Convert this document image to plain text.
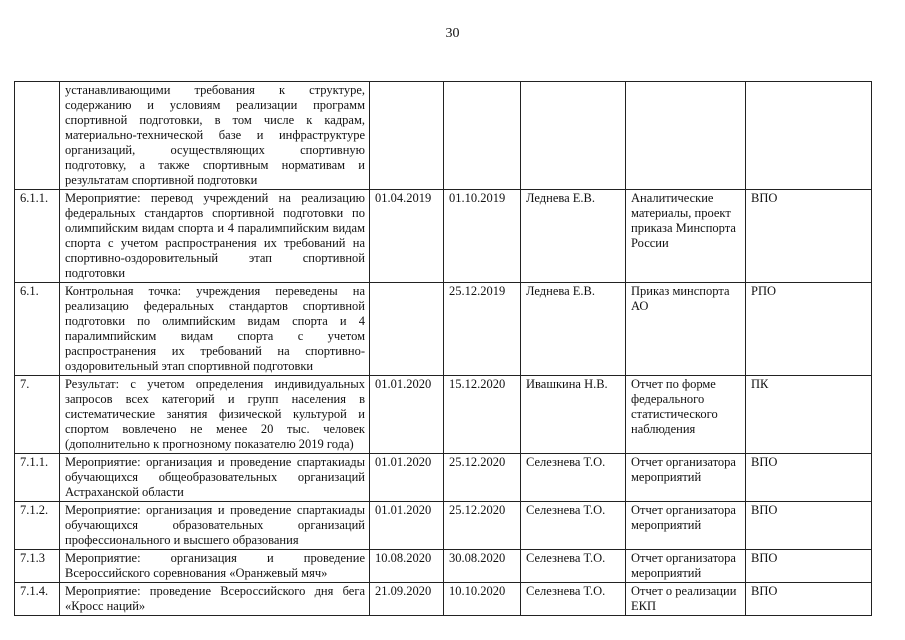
30
	устанавливающими требования к структуре, содержанию и условиям реализации программ спортивной подготовки, в том числе к кадрам, материально-технической базе и инфраструктуре организаций, осуществляющих спортивную подготовку, а также спортивным нормативам и результатам спортивной подготовки					
6.1.1.	Мероприятие: перевод учреждений на реализацию федеральных стандартов спортивной подготовки по олимпийским видам спорта и 4 паралимпийским видам спорта с учетом распространения их требований на спортивно-оздоровительный этап спортивной подготовки	01.04.2019	01.10.2019	Леднева Е.В.	Аналитические материалы, проект приказа Минспорта России	ВПО
6.1.	Контрольная точка: учреждения переведены на реализацию федеральных стандартов спортивной подготовки по олимпийским видам спорта и 4 паралимпийским видам спорта с учетом распространения их требований на спортивно-оздоровительный этап спортивной подготовки		25.12.2019	Леднева Е.В.	Приказ минспорта АО	РПО
7.	Результат: с учетом определения индивидуальных запросов всех категорий и групп населения в систематические занятия физической культурой и спортом вовлечено не менее 20 тыс. человек (дополнительно к прогнозному показателю 2019 года)	01.01.2020	15.12.2020	Ивашкина Н.В.	Отчет по форме федерального статистического наблюдения	ПК
7.1.1.	Мероприятие: организация и проведение спартакиады обучающихся общеобразовательных организаций Астраханской области	01.01.2020	25.12.2020	Селезнева Т.О.	Отчет организатора мероприятий	ВПО
7.1.2.	Мероприятие: организация и проведение спартакиады обучающихся образовательных организаций профессионального и высшего образования	01.01.2020	25.12.2020	Селезнева Т.О.	Отчет организатора мероприятий	ВПО
7.1.3	Мероприятие: организация и проведение Всероссийского соревнования «Оранжевый мяч»	10.08.2020	30.08.2020	Селезнева Т.О.	Отчет организатора мероприятий	ВПО
7.1.4.	Мероприятие: проведение Всероссийского дня бега «Кросс наций»	21.09.2020	10.10.2020	Селезнева Т.О.	Отчет о реализации ЕКП	ВПО
